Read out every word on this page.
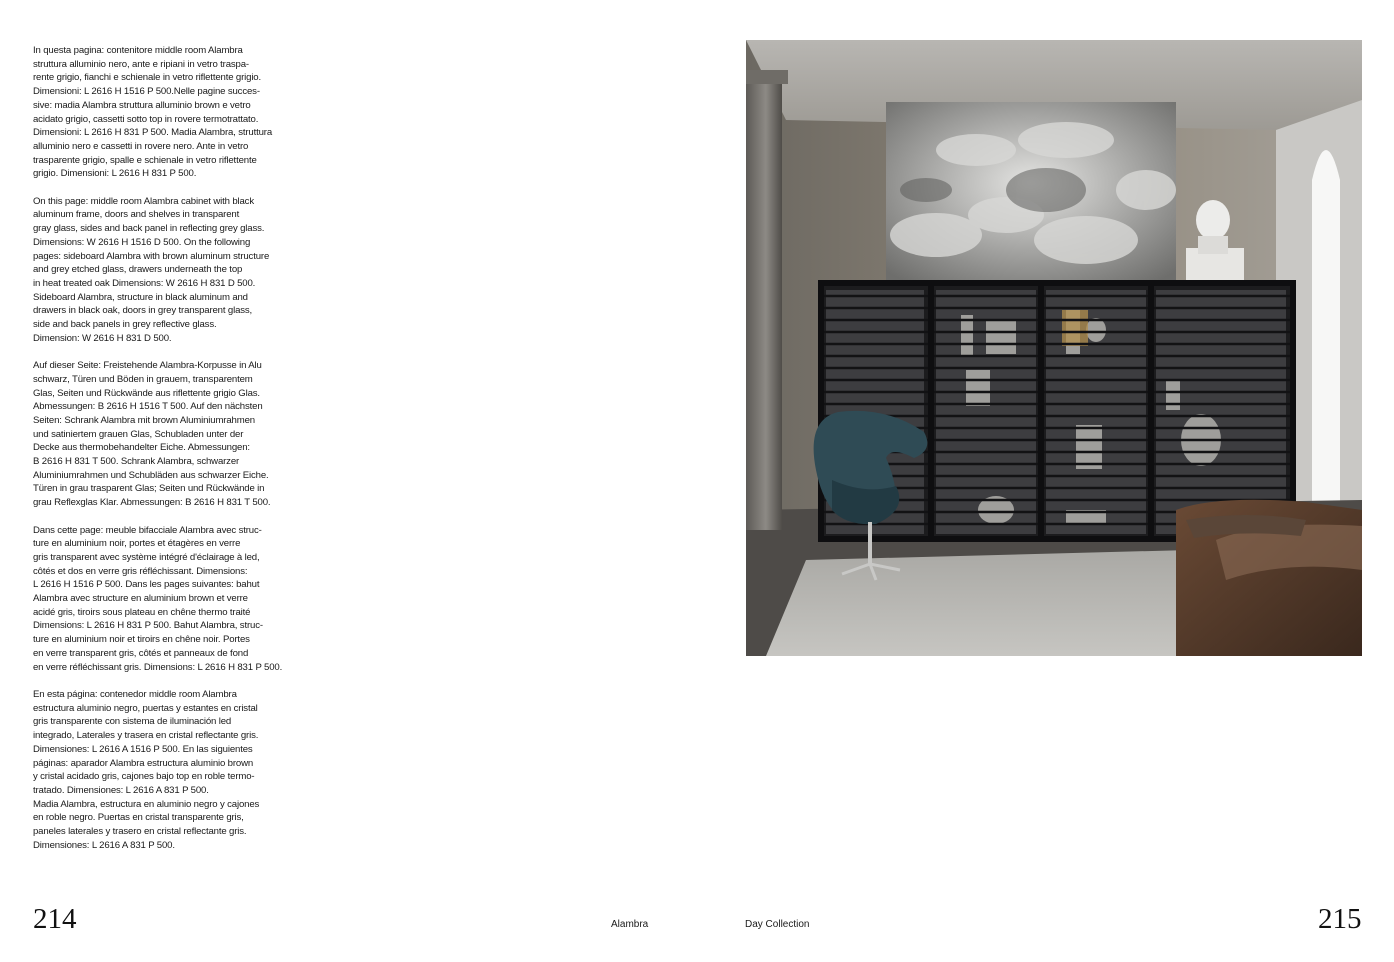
In questa pagina: contenitore middle room Alambra
struttura alluminio nero, ante e ripiani in vetro traspa-
rente grigio, fianchi e schienale in vetro riflettente grigio.
Dimensioni: L 2616 H 1516 P 500.Nelle pagine succes-
sive: madia Alambra struttura alluminio brown e vetro
acidato grigio, cassetti sotto top in rovere termotrattato.
Dimensioni: L 2616 H 831 P 500. Madia Alambra, struttura
alluminio nero e cassetti in rovere nero. Ante in vetro
trasparente grigio, spalle e schienale in vetro riflettente
grigio. Dimensioni: L 2616 H 831 P 500.

On this page: middle room Alambra cabinet with black
aluminum frame, doors and shelves in transparent
gray glass, sides and back panel in reflecting grey glass.
Dimensions: W 2616 H 1516 D 500. On the following
pages: sideboard Alambra with brown aluminum structure
and grey etched glass, drawers underneath the top
in heat treated oak Dimensions: W 2616 H 831 D 500.
Sideboard Alambra, structure in black aluminum and
drawers in black oak, doors in grey transparent glass,
side and back panels in grey reflective glass.
Dimension: W 2616 H 831 D 500.

Auf dieser Seite: Freistehende Alambra-Korpusse in Alu
schwarz, Türen und Böden in grauem, transparentem
Glas, Seiten und Rückwände aus riflettente grigio Glas.
Abmessungen: B 2616 H 1516 T 500. Auf den nächsten
Seiten: Schrank Alambra mit brown Aluminiumrahmen
und satiniertem grauen Glas, Schubladen unter der
Decke aus thermobehandelter Eiche. Abmessungen:
B 2616 H 831 T 500. Schrank Alambra, schwarzer
Aluminiumrahmen und Schubläden aus schwarzer Eiche.
Türen in grau trasparent Glas; Seiten und Rückwände in
grau Reflexglas Klar. Abmessungen: B 2616 H 831 T 500.

Dans cette page: meuble bifacciale Alambra avec struc-
ture en aluminium noir, portes et étagères en verre
gris transparent avec système intégré d'éclairage à led,
côtés et dos en verre gris réfléchissant. Dimensions:
L 2616 H 1516 P 500. Dans les pages suivantes: bahut
Alambra avec structure en aluminium brown et verre
acidé gris, tiroirs sous plateau en chêne thermo traité
Dimensions: L 2616 H 831 P 500. Bahut Alambra, struc-
ture en aluminium noir et tiroirs en chêne noir. Portes
en verre transparent gris, côtés et panneaux de fond
en verre réfléchissant gris. Dimensions: L 2616 H 831 P 500.

En esta página: contenedor middle room Alambra
estructura aluminio negro, puertas y estantes en cristal
gris transparente con sistema de iluminación led
integrado, Laterales y trasera en cristal reflectante gris.
Dimensiones: L 2616 A 1516 P 500. En las siguientes
páginas: aparador Alambra estructura aluminio brown
y cristal acidado gris, cajones bajo top en roble termo-
tratado. Dimensiones: L 2616 A 831 P 500.
Madia Alambra, estructura en aluminio negro y cajones
en roble negro. Puertas en cristal transparente gris,
paneles laterales y trasero en cristal reflectante gris.
Dimensiones: L 2616 A 831 P 500.

214	Alambra	Day Collection	215
